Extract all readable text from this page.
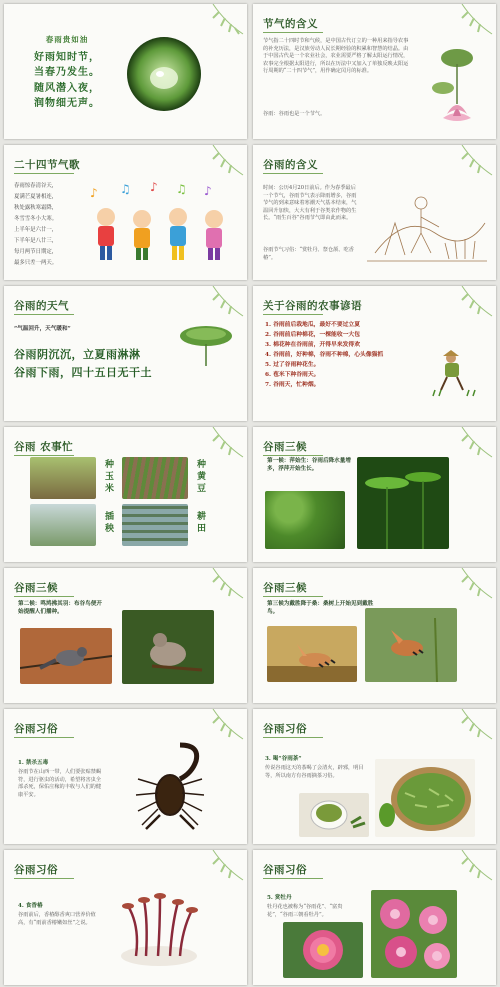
春雨贵如油
好雨知时节，
当春乃发生。
随风潜入夜，
润物细无声。
节气的含义
节气指二十四时节和气候，是中国古代订立的一种用来指导农事的补充历法，是汉族劳动人民长期经验的积累和智慧的结晶。由于中国古代是一个农业社会，农业需要严格了解太阳运行情况，农事完全根据太阳进行，所以在历法中又加入了单独反映太阳运行周期的“二十四节气”，用作确定闰月的标准。
谷雨：谷雨也是一个节气。
二十四节气歌
春雨惊春清谷天，
夏满芒夏暑相连，
秋处露秋寒霜降，
冬雪雪冬小大寒。
上半年是六廿一，
下半年是八廿三，
每月两节日期定，
最多只差一两天。
♪ ♫ ♪ ♫ ♪
谷雨的含义
时间：公历4月20日前后。作为春季最后一个节气，谷雨节气表示降雨增多，谷雨节气的到来意味着寒潮天气基本结束，气温回升加快，大大有利于谷类农作物的生长。“雨生百谷”谷雨节气即由此而来。
谷雨节气习俗：“赏牡丹、祭仓颉、吃香椿”。
谷雨的天气
“气温回升，天气暖和”
谷雨阴沉沉，立夏雨淋淋
谷雨下雨，四十五日无干土
关于谷雨的农事谚语
1. 谷雨前后栽地瓜，最好不要过立夏
2. 谷雨前后种棉花，一棵能收一大包
3. 棉花种在谷雨前，开得早来发得欢
4. 谷雨前，好种棉，谷雨不种棉，心头像猫抓
5. 过了谷雨种花生。
6. 苞米下种谷雨天。
7. 谷雨天，忙种烟。
谷雨 农事忙
种玉米	种黄豆
插秧	耕田
谷雨三候
第一候：萍始生：谷雨后降水量增多，浮萍开始生长。
谷雨三候
第二候：鸣鸠拂其羽：布谷鸟便开始提醒人们播种。
谷雨三候
第三候为戴胜降于桑：桑树上开始见到戴胜鸟。
谷雨习俗
1. 禁杀五毒
谷雨节在山西一带，人们要张贴禁蝎符，进行驱虫的活动，希望将害虫全部杀死，保佑庄稼的丰收与人们的健康平安。
谷雨习俗
3. 喝“谷雨茶”
传说谷雨这天的茶喝了会清火，辟邪，明目等，所以南方有谷雨摘茶习俗。
谷雨习俗
4. 食香椿
谷雨前后，香椿醇香爽口营养价值高，有“雨前香椿嫩如丝”之说。
谷雨习俗
5. 赏牡丹
牡丹花也被称为“谷雨花”、“富贵花”，“谷雨三朝看牡丹”。
